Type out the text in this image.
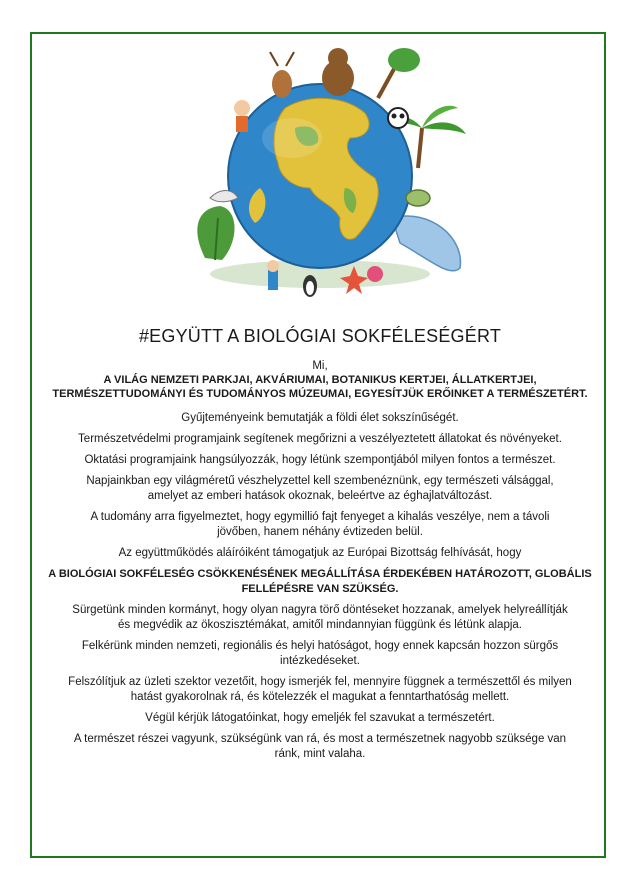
#EGYÜTT A BIOLÓGIAI SOKFÉLESÉGÉRT

Mi,

A VILÁG NEMZETI PARKJAI, AKVÁRIUMAI, BOTANIKUS KERTJEI, ÁLLATKERTJEI,
TERMÉSZETTUDOMÁNYI ÉS TUDOMÁNYOS MÚZEUMAI, EGYESÍTJÜK ERŐINKET A TERMÉSZETÉRT.

Gyűjteményeink bemutatják a földi élet sokszínűségét.

Természetvédelmi programjaink segítenek megőrizni a veszélyeztetett állatokat és növényeket.

Oktatási programjaink hangsúlyozzák, hogy létünk szempontjából milyen fontos a természet.

Napjainkban egy világméretű vészhelyzettel kell szembenéznünk, egy természeti válsággal,
amelyet az emberi hatások okoznak, beleértve az éghajlatváltozást.

A tudomány arra figyelmeztet, hogy egymillió fajt fenyeget a kihalás veszélye, nem a távoli
jövőben, hanem néhány évtizeden belül.

Az együttműködés aláíróiként támogatjuk az Európai Bizottság felhívását, hogy

A BIOLÓGIAI SOKFÉLESÉG CSÖKKENÉSÉNEK MEGÁLLÍTÁSA ÉRDEKÉBEN HATÁROZOTT, GLOBÁLIS
FELLÉPÉSRE VAN SZÜKSÉG.

Sürgetünk minden kormányt, hogy olyan nagyra törő döntéseket hozzanak, amelyek helyreállítják
és megvédik az ökoszisztémákat, amitől mindannyian függünk és létünk alapja.

Felkérünk minden nemzeti, regionális és helyi hatóságot, hogy ennek kapcsán hozzon sürgős
intézkedéseket.

Felszólítjuk az üzleti szektor vezetőit, hogy ismerjék fel, mennyire függnek a természettől és milyen
hatást gyakorolnak rá, és kötelezzék el magukat a fenntarthatóság mellett.

Végül kérjük látogatóinkat, hogy emeljék fel szavukat a természetért.

A természet részei vagyunk, szükségünk van rá, és most a természetnek nagyobb szüksége van
ránk, mint valaha.
